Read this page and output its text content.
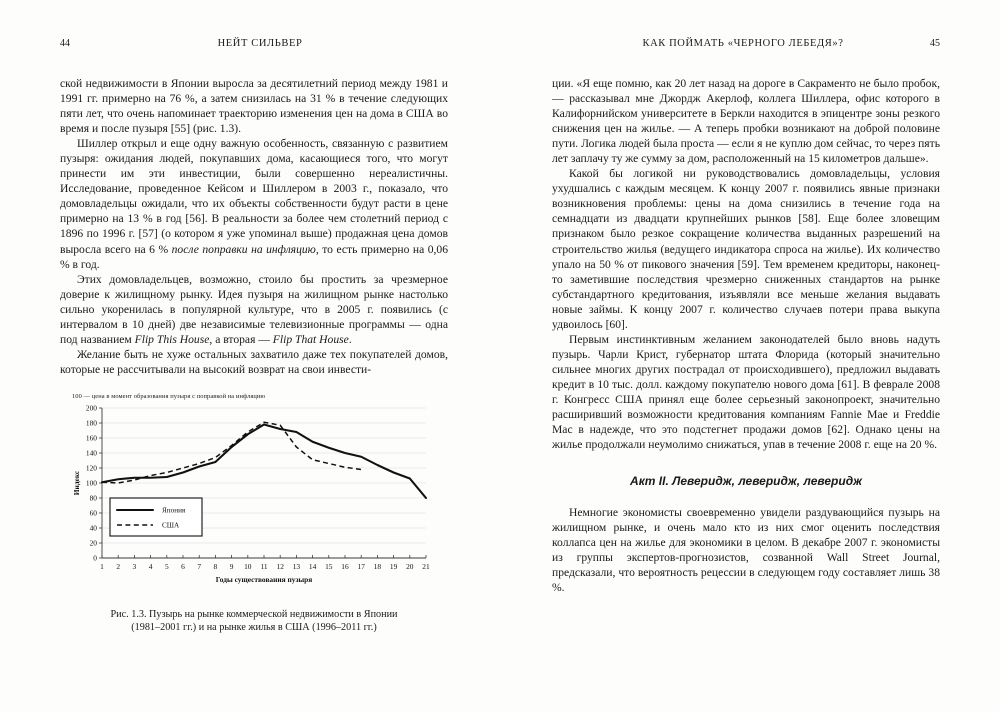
44	НЕЙТ СИЛЬВЕР

ской недвижимости в Японии выросла за десятилетний период между 1981 и 1991 гг. примерно на 76 %, а затем снизилась на 31 % в течение следующих пяти лет, что очень напоминает траекторию изменения цен на дома в США во время и после пузыря [55] (рис. 1.3).

Шиллер открыл и еще одну важную особенность, связанную с развитием пузыря: ожидания людей, покупавших дома, касающиеся того, что могут принести им эти инвестиции, были совершенно нереалистичны. Исследование, проведенное Кейсом и Шиллером в 2003 г., показало, что домовладельцы ожидали, что их объекты собственности будут расти в цене примерно на 13 % в год [56]. В реальности за более чем столетний период с 1896 по 1996 г. [57] (о котором я уже упоминал выше) продажная цена домов выросла всего на 6 % после поправки на инфляцию, то есть примерно на 0,06 % в год.

Этих домовладельцев, возможно, стоило бы простить за чрезмерное доверие к жилищному рынку. Идея пузыря на жилищном рынке настолько сильно укоренилась в популярной культуре, что в 2005 г. появились (с интервалом в 10 дней) две независимые телевизионные программы — одна под названием Flip This House, а вторая — Flip That House.

Желание быть не хуже остальных захватило даже тех покупателей домов, которые не рассчитывали на высокий возврат на свои инвести-

100 — цена в момент образования пузыря с поправкой на инфляцию
0
20
40
60
80
100
120
140
160
180
200
1 2 3 4 5 6 7 8 9 10 11 12 13 14 15 16 17 18 19 20 21
Годы существования пузыря
Индекс
Япония
США
Рис. 1.3. Пузырь на рынке коммерческой недвижимости в Японии
(1981–2001 гг.) и на рынке жилья в США (1996–2011 гг.)
КАК ПОЙМАТЬ «ЧЕРНОГО ЛЕБЕДЯ»?	45

ции. «Я еще помню, как 20 лет назад на дороге в Сакраменто не было пробок, — рассказывал мне Джордж Акерлоф, коллега Шиллера, офис которого в Калифорнийском университете в Беркли находится в эпицентре зоны резкого снижения цен на жилье. — А теперь пробки возникают на доброй половине пути. Логика людей была проста — если я не куплю дом сейчас, то через пять лет заплачу ту же сумму за дом, расположенный на 15 километров дальше».

Какой бы логикой ни руководствовались домовладельцы, условия ухудшались с каждым месяцем. К концу 2007 г. появились явные признаки возникновения проблемы: цены на дома снизились в течение года на семнадцати из двадцати крупнейших рынков [58]. Еще более зловещим признаком было резкое сокращение количества выданных разрешений на строительство жилья (ведущего индикатора спроса на жилье). Их количество упало на 50 % от пикового значения [59]. Тем временем кредиторы, наконец-то заметившие последствия чрезмерно сниженных стандартов на рынке субстандартного кредитования, изъявляли все меньше желания выдавать новые займы. К концу 2007 г. количество случаев потери права выкупа удвоилось [60].

Первым инстинктивным желанием законодателей было вновь надуть пузырь. Чарли Крист, губернатор штата Флорида (который значительно сильнее многих других пострадал от происходившего), предложил выдавать кредит в 10 тыс. долл. каждому покупателю нового дома [61]. В феврале 2008 г. Конгресс США принял еще более серьезный законопроект, значительно расширивший возможности кредитования компаниям Fannie Mae и Freddie Mac в надежде, что это подстегнет продажи домов [62]. Однако цены на жилье продолжали неумолимо снижаться, упав в течение 2008 г. еще на 20 %.

Акт II. Леверидж, леверидж, леверидж

Немногие экономисты своевременно увидели раздувающийся пузырь на жилищном рынке, и очень мало кто из них смог оценить последствия коллапса цен на жилье для экономики в целом. В декабре 2007 г. экономисты из группы экспертов-прогнозистов, созванной Wall Street Journal, предсказали, что вероятность рецессии в следующем году составляет лишь 38 %.
